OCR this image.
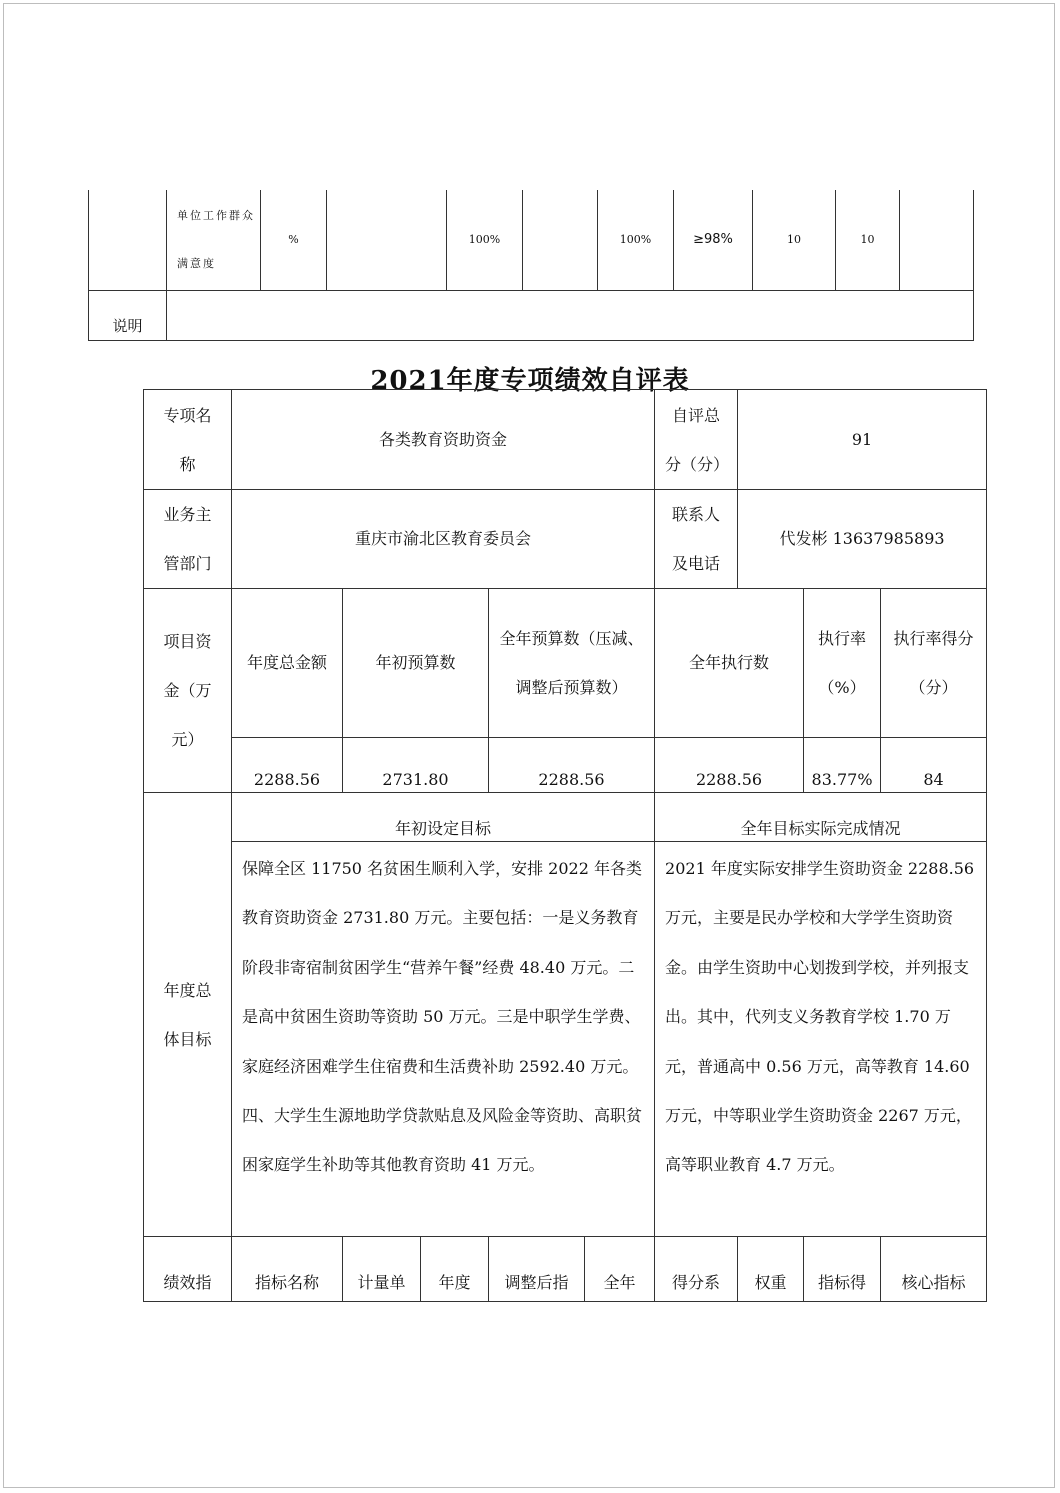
	单位工作群众满意度	%		100%		100%	≥98%	10	10	
说明										
2021年度专项绩效自评表
专项名称	各类教育资助资金					自评总分（分）	91		
业务主管部门	重庆市渝北区教育委员会					联系人及电话	代发彬 13637985893		
项目资金（万元）	年度总金额	年初预算数		全年预算数（压减、调整后预算数）		全年执行数		执行率（%）	执行率得分（分）
	2288.56	2731.80		2288.56		2288.56		83.77%	84
年度总体目标	年初设定目标					全年目标实际完成情况			
	保障全区 11750 名贫困生顺利入学，安排 2022 年各类教育资助资金 2731.80 万元。主要包括：一是义务教育阶段非寄宿制贫困学生“营养午餐”经费 48.40 万元。二是高中贫困生资助等资助 50 万元。三是中职学生学费、家庭经济困难学生住宿费和生活费补助 2592.40 万元。四、大学生生源地助学贷款贴息及风险金等资助、高职贫困家庭学生补助等其他教育资助 41 万元。					2021 年度实际安排学生资助资金 2288.56 万元，主要是民办学校和大学学生资助资金。由学生资助中心划拨到学校，并列报支出。其中，代列支义务教育学校 1.70 万元，普通高中 0.56 万元，高等教育 14.60 万元，中等职业学生资助资金 2267 万元，高等职业教育 4.7 万元。			
绩效指	指标名称	计量单	年度	调整后指	全年	得分系	权重	指标得	核心指标
